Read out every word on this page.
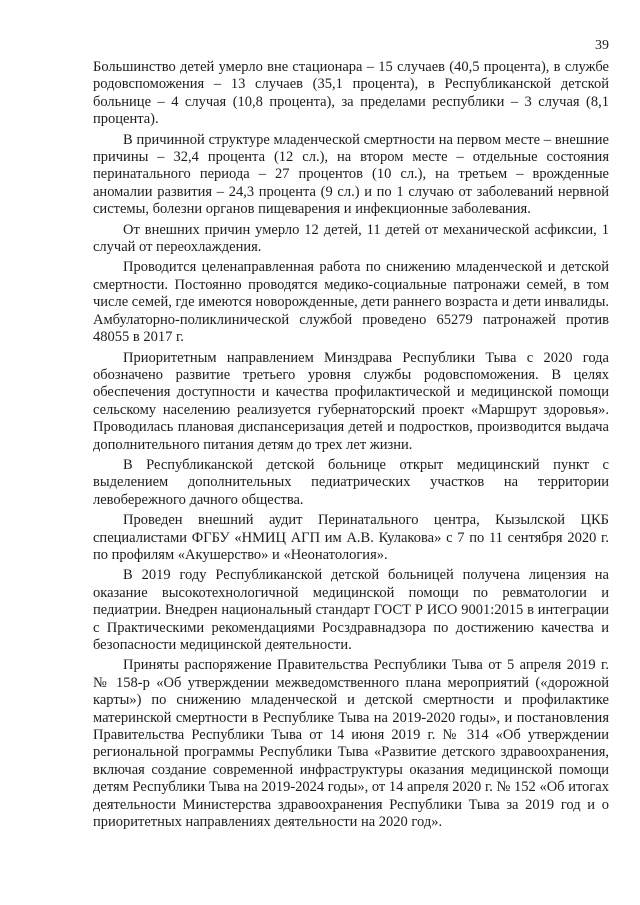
39

Большинство детей умерло вне стационара – 15 случаев (40,5 процента), в службе родовспоможения – 13 случаев (35,1 процента), в Республиканской детской больнице – 4 случая (10,8 процента), за пределами республики – 3 случая (8,1 процента).

В причинной структуре младенческой смертности на первом месте – внешние причины – 32,4 процента (12 сл.), на втором месте – отдельные состояния перинатального периода – 27 процентов (10 сл.), на третьем – врожденные аномалии развития – 24,3 процента (9 сл.) и по 1 случаю от заболеваний нервной системы, болезни органов пищеварения и инфекционные заболевания.

От внешних причин умерло 12 детей, 11 детей от механической асфиксии, 1 случай от переохлаждения.

Проводится целенаправленная работа по снижению младенческой и детской смертности. Постоянно проводятся медико-социальные патронажи семей, в том числе семей, где имеются новорожденные, дети раннего возраста и дети инвалиды. Амбулаторно-поликлинической службой проведено 65279 патронажей против 48055 в 2017 г.

Приоритетным направлением Минздрава Республики Тыва с 2020 года обозначено развитие третьего уровня службы родовспоможения. В целях обеспечения доступности и качества профилактической и медицинской помощи сельскому населению реализуется губернаторский проект «Маршрут здоровья». Проводилась плановая диспансеризация детей и подростков, производится выдача дополнительного питания детям до трех лет жизни.

В Республиканской детской больнице открыт медицинский пункт с выделением дополнительных педиатрических участков на территории левобережного дачного общества.

Проведен внешний аудит Перинатального центра, Кызылской ЦКБ специалистами ФГБУ «НМИЦ АГП им А.В. Кулакова» с 7 по 11 сентября 2020 г. по профилям «Акушерство» и «Неонатология».

В 2019 году Республиканской детской больницей получена лицензия на оказание высокотехнологичной медицинской помощи по ревматологии и педиатрии. Внедрен национальный стандарт ГОСТ Р ИСО 9001:2015 в интеграции с Практическими рекомендациями Росздравнадзора по достижению качества и безопасности медицинской деятельности.

Приняты распоряжение Правительства Республики Тыва от 5 апреля 2019 г. № 158-р «Об утверждении межведомственного плана мероприятий («дорожной карты») по снижению младенческой и детской смертности и профилактике материнской смертности в Республике Тыва на 2019-2020 годы», и постановления Правительства Республики Тыва от 14 июня 2019 г. № 314 «Об утверждении региональной программы Республики Тыва «Развитие детского здравоохранения, включая создание современной инфраструктуры оказания медицинской помощи детям Республики Тыва на 2019-2024 годы», от 14 апреля 2020 г. № 152 «Об итогах деятельности Министерства здравоохранения Республики Тыва за 2019 год и о приоритетных направлениях деятельности на 2020 год».
